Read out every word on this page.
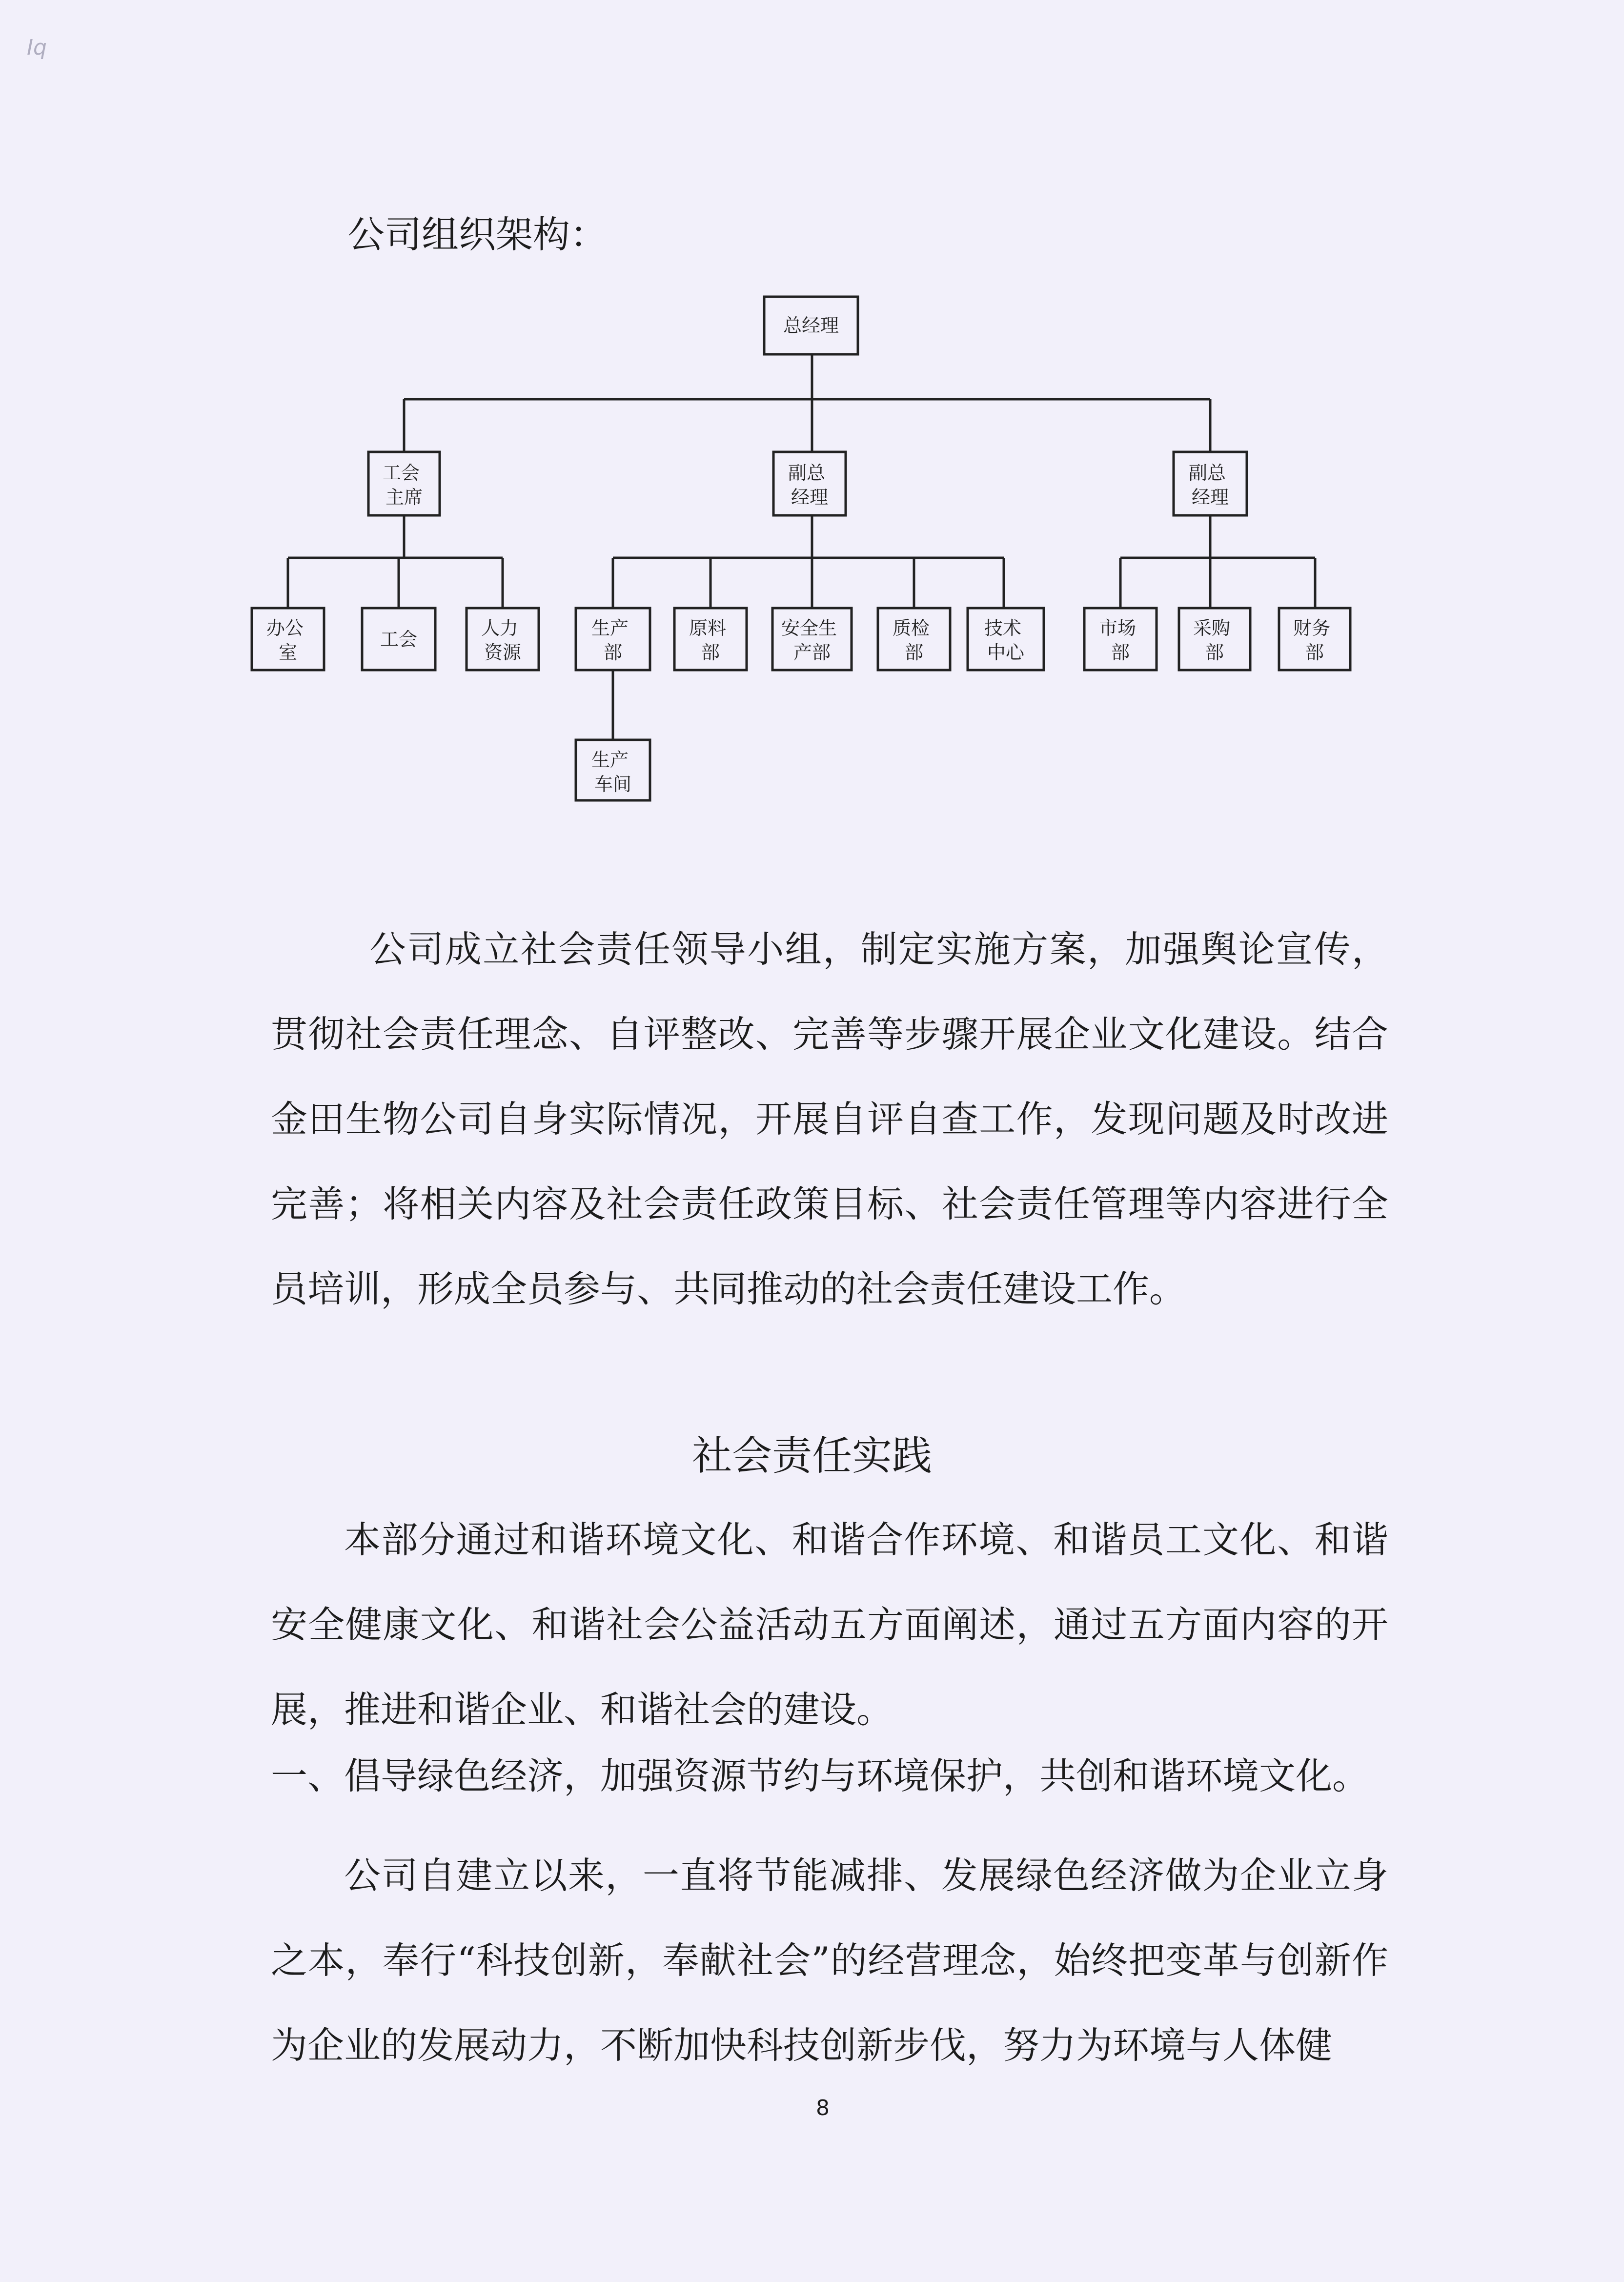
Iq
公司组织架构：
总经理
工会 主席
副总 经理
副总 经理
办公 室
工会
人力 资源
生产 部
原料 部
安全生 产部
质检 部
技术 中心
市场 部
采购 部
财务 部
生产 车间

公司成立社会责任领导小组，制定实施方案，加强舆论宣传，贯彻社会责任理念、自评整改、完善等步骤开展企业文化建设。结合金田生物公司自身实际情况，开展自评自查工作，发现问题及时改进完善；将相关内容及社会责任政策目标、社会责任管理等内容进行全员培训，形成全员参与、共同推动的社会责任建设工作。

社会责任实践

本部分通过和谐环境文化、和谐合作环境、和谐员工文化、和谐安全健康文化、和谐社会公益活动五方面阐述，通过五方面内容的开展，推进和谐企业、和谐社会的建设。

一、倡导绿色经济，加强资源节约与环境保护，共创和谐环境文化。

公司自建立以来，一直将节能减排、发展绿色经济做为企业立身之本，奉行“科技创新，奉献社会”的经营理念，始终把变革与创新作为企业的发展动力，不断加快科技创新步伐，努力为环境与人体健

8
